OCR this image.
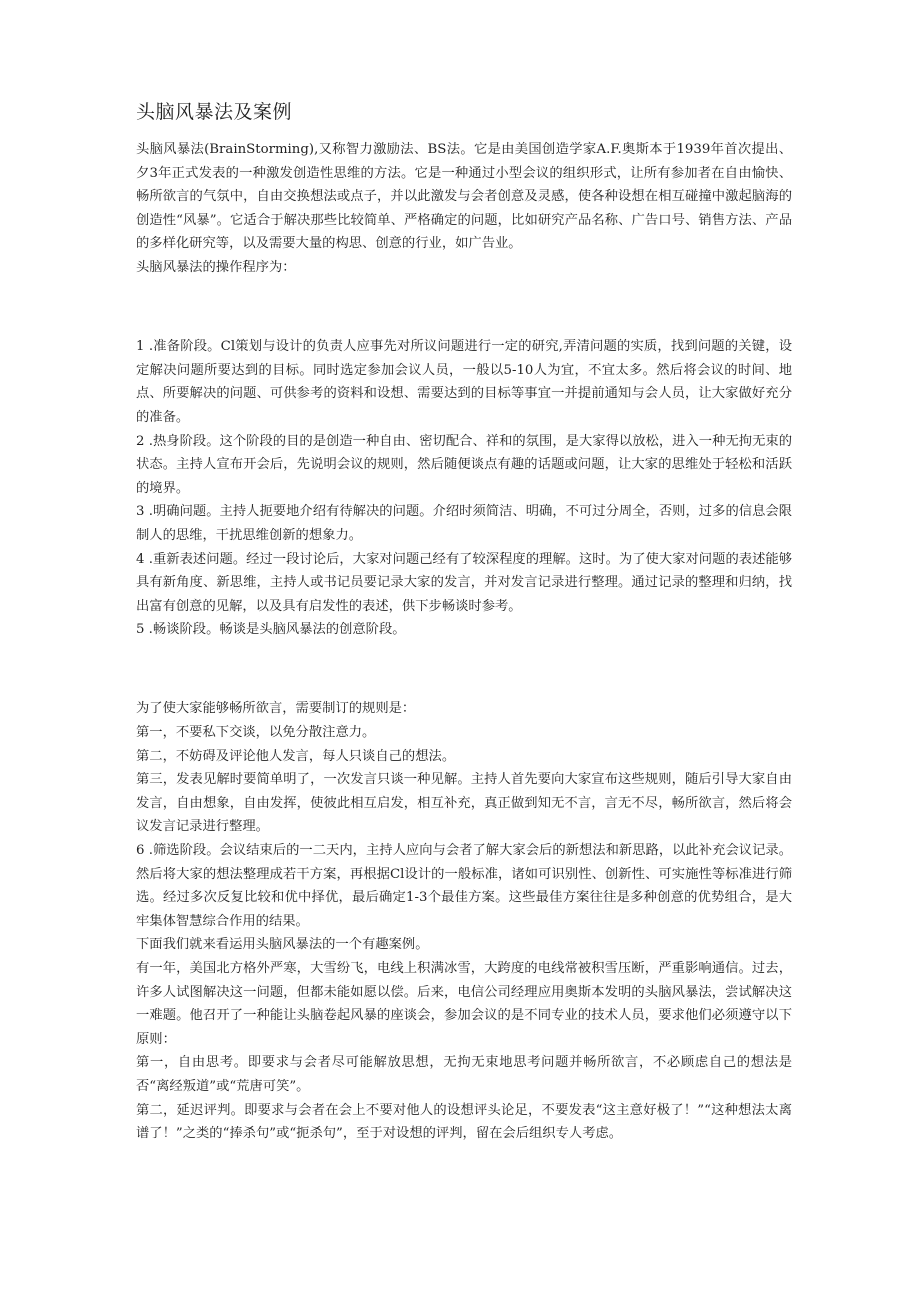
头脑风暴法及案例

头脑风暴法(BrainStorming),又称智力激励法、BS法。它是由美国创造学家A.F.奥斯本于1939年首次提出、夕3年正式发表的一种激发创造性思维的方法。它是一种通过小型会议的组织形式，让所有参加者在自由愉快、畅所欲言的气氛中，自由交换想法或点子，并以此激发与会者创意及灵感，使各种设想在相互碰撞中激起脑海的创造性“风暴”。它适合于解决那些比较简单、严格确定的问题，比如研究产品名称、广告口号、销售方法、产品的多样化研究等，以及需要大量的构思、创意的行业，如广告业。

头脑风暴法的操作程序为：

1 .准备阶段。Cl策划与设计的负责人应事先对所议问题进行一定的研究,弄清问题的实质，找到问题的关键，设定解决问题所要达到的目标。同时选定参加会议人员，一般以5-10人为宜，不宜太多。然后将会议的时间、地点、所要解决的问题、可供参考的资料和设想、需要达到的目标等事宜一并提前通知与会人员，让大家做好充分的准备。

2 .热身阶段。这个阶段的目的是创造一种自由、密切配合、祥和的氛围，是大家得以放松，进入一种无拘无束的状态。主持人宣布开会后，先说明会议的规则，然后随便谈点有趣的话题或问题，让大家的思维处于轻松和活跃的境界。

3 .明确问题。主持人扼要地介绍有待解决的问题。介绍时须简洁、明确，不可过分周全，否则，过多的信息会限制人的思维，干扰思维创新的想象力。

4 .重新表述问题。经过一段讨论后，大家对问题己经有了较深程度的理解。这时。为了使大家对问题的表述能够具有新角度、新思维，主持人或书记员要记录大家的发言，并对发言记录进行整理。通过记录的整理和归纳，找出富有创意的见解，以及具有启发性的表述，供下步畅谈时参考。

5 .畅谈阶段。畅谈是头脑风暴法的创意阶段。

为了使大家能够畅所欲言，需要制订的规则是：

第一，不要私下交谈，以免分散注意力。

第二，不妨碍及评论他人发言，每人只谈自己的想法。

第三，发表见解时要简单明了，一次发言只谈一种见解。主持人首先要向大家宣布这些规则，随后引导大家自由发言，自由想象，自由发挥，使彼此相互启发，相互补充，真正做到知无不言，言无不尽，畅所欲言，然后将会议发言记录进行整理。

6 .筛选阶段。会议结束后的一二天内，主持人应向与会者了解大家会后的新想法和新思路，以此补充会议记录。然后将大家的想法整理成若干方案，再根据Cl设计的一般标准，诸如可识别性、创新性、可实施性等标准进行筛选。经过多次反复比较和优中择优，最后确定1-3个最佳方案。这些最佳方案往往是多种创意的优势组合，是大牢集体智慧综合作用的结果。

下面我们就来看运用头脑风暴法的一个有趣案例。

有一年，美国北方格外严寒，大雪纷飞，电线上积满冰雪，大跨度的电线常被积雪压断，严重影响通信。过去，许多人试图解决这一问题，但都未能如愿以偿。后来，电信公司经理应用奥斯本发明的头脑风暴法，尝试解决这一难题。他召开了一种能让头脑卷起风暴的座谈会，参加会议的是不同专业的技术人员，要求他们必须遵守以下原则：

第一，自由思考。即要求与会者尽可能解放思想，无拘无束地思考问题并畅所欲言，不必顾虑自己的想法是否“离经叛道”或“荒唐可笑”。

第二，延迟评判。即要求与会者在会上不要对他人的设想评头论足，不要发表“这主意好极了！”“这种想法太离谱了！”之类的“捧杀句”或“扼杀句”，至于对设想的评判，留在会后组织专人考虑。
